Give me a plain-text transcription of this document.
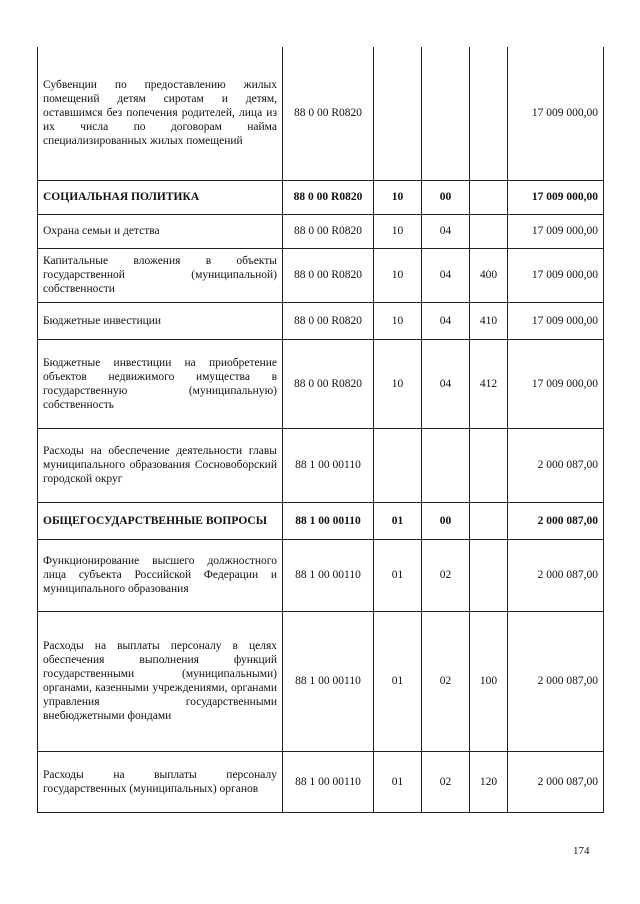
Субвенции по предоставлению жилых помещений детям сиротам и детям, оставшимся без попечения родителей, лица из их числа по договорам найма специализированных жилых помещений	88 0 00 R0820				17 009 000,00
СОЦИАЛЬНАЯ ПОЛИТИКА	88 0 00 R0820	10	00		17 009 000,00
Охрана семьи и детства	88 0 00 R0820	10	04		17 009 000,00
Капитальные вложения в объекты государственной (муниципальной) собственности	88 0 00 R0820	10	04	400	17 009 000,00
Бюджетные инвестиции	88 0 00 R0820	10	04	410	17 009 000,00
Бюджетные инвестиции на приобретение объектов недвижимого имущества в государственную (муниципальную) собственность	88 0 00 R0820	10	04	412	17 009 000,00
Расходы на обеспечение деятельности главы муниципального образования Сосновоборский городской округ	88 1 00 00110				2 000 087,00
ОБЩЕГОСУДАРСТВЕННЫЕ ВОПРОСЫ	88 1 00 00110	01	00		2 000 087,00
Функционирование высшего должностного лица субъекта Российской Федерации и муниципального образования	88 1 00 00110	01	02		2 000 087,00
Расходы на выплаты персоналу в целях обеспечения выполнения функций государственными (муниципальными) органами, казенными учреждениями, органами управления государственными внебюджетными фондами	88 1 00 00110	01	02	100	2 000 087,00
Расходы на выплаты персоналу государственных (муниципальных) органов	88 1 00 00110	01	02	120	2 000 087,00
174
